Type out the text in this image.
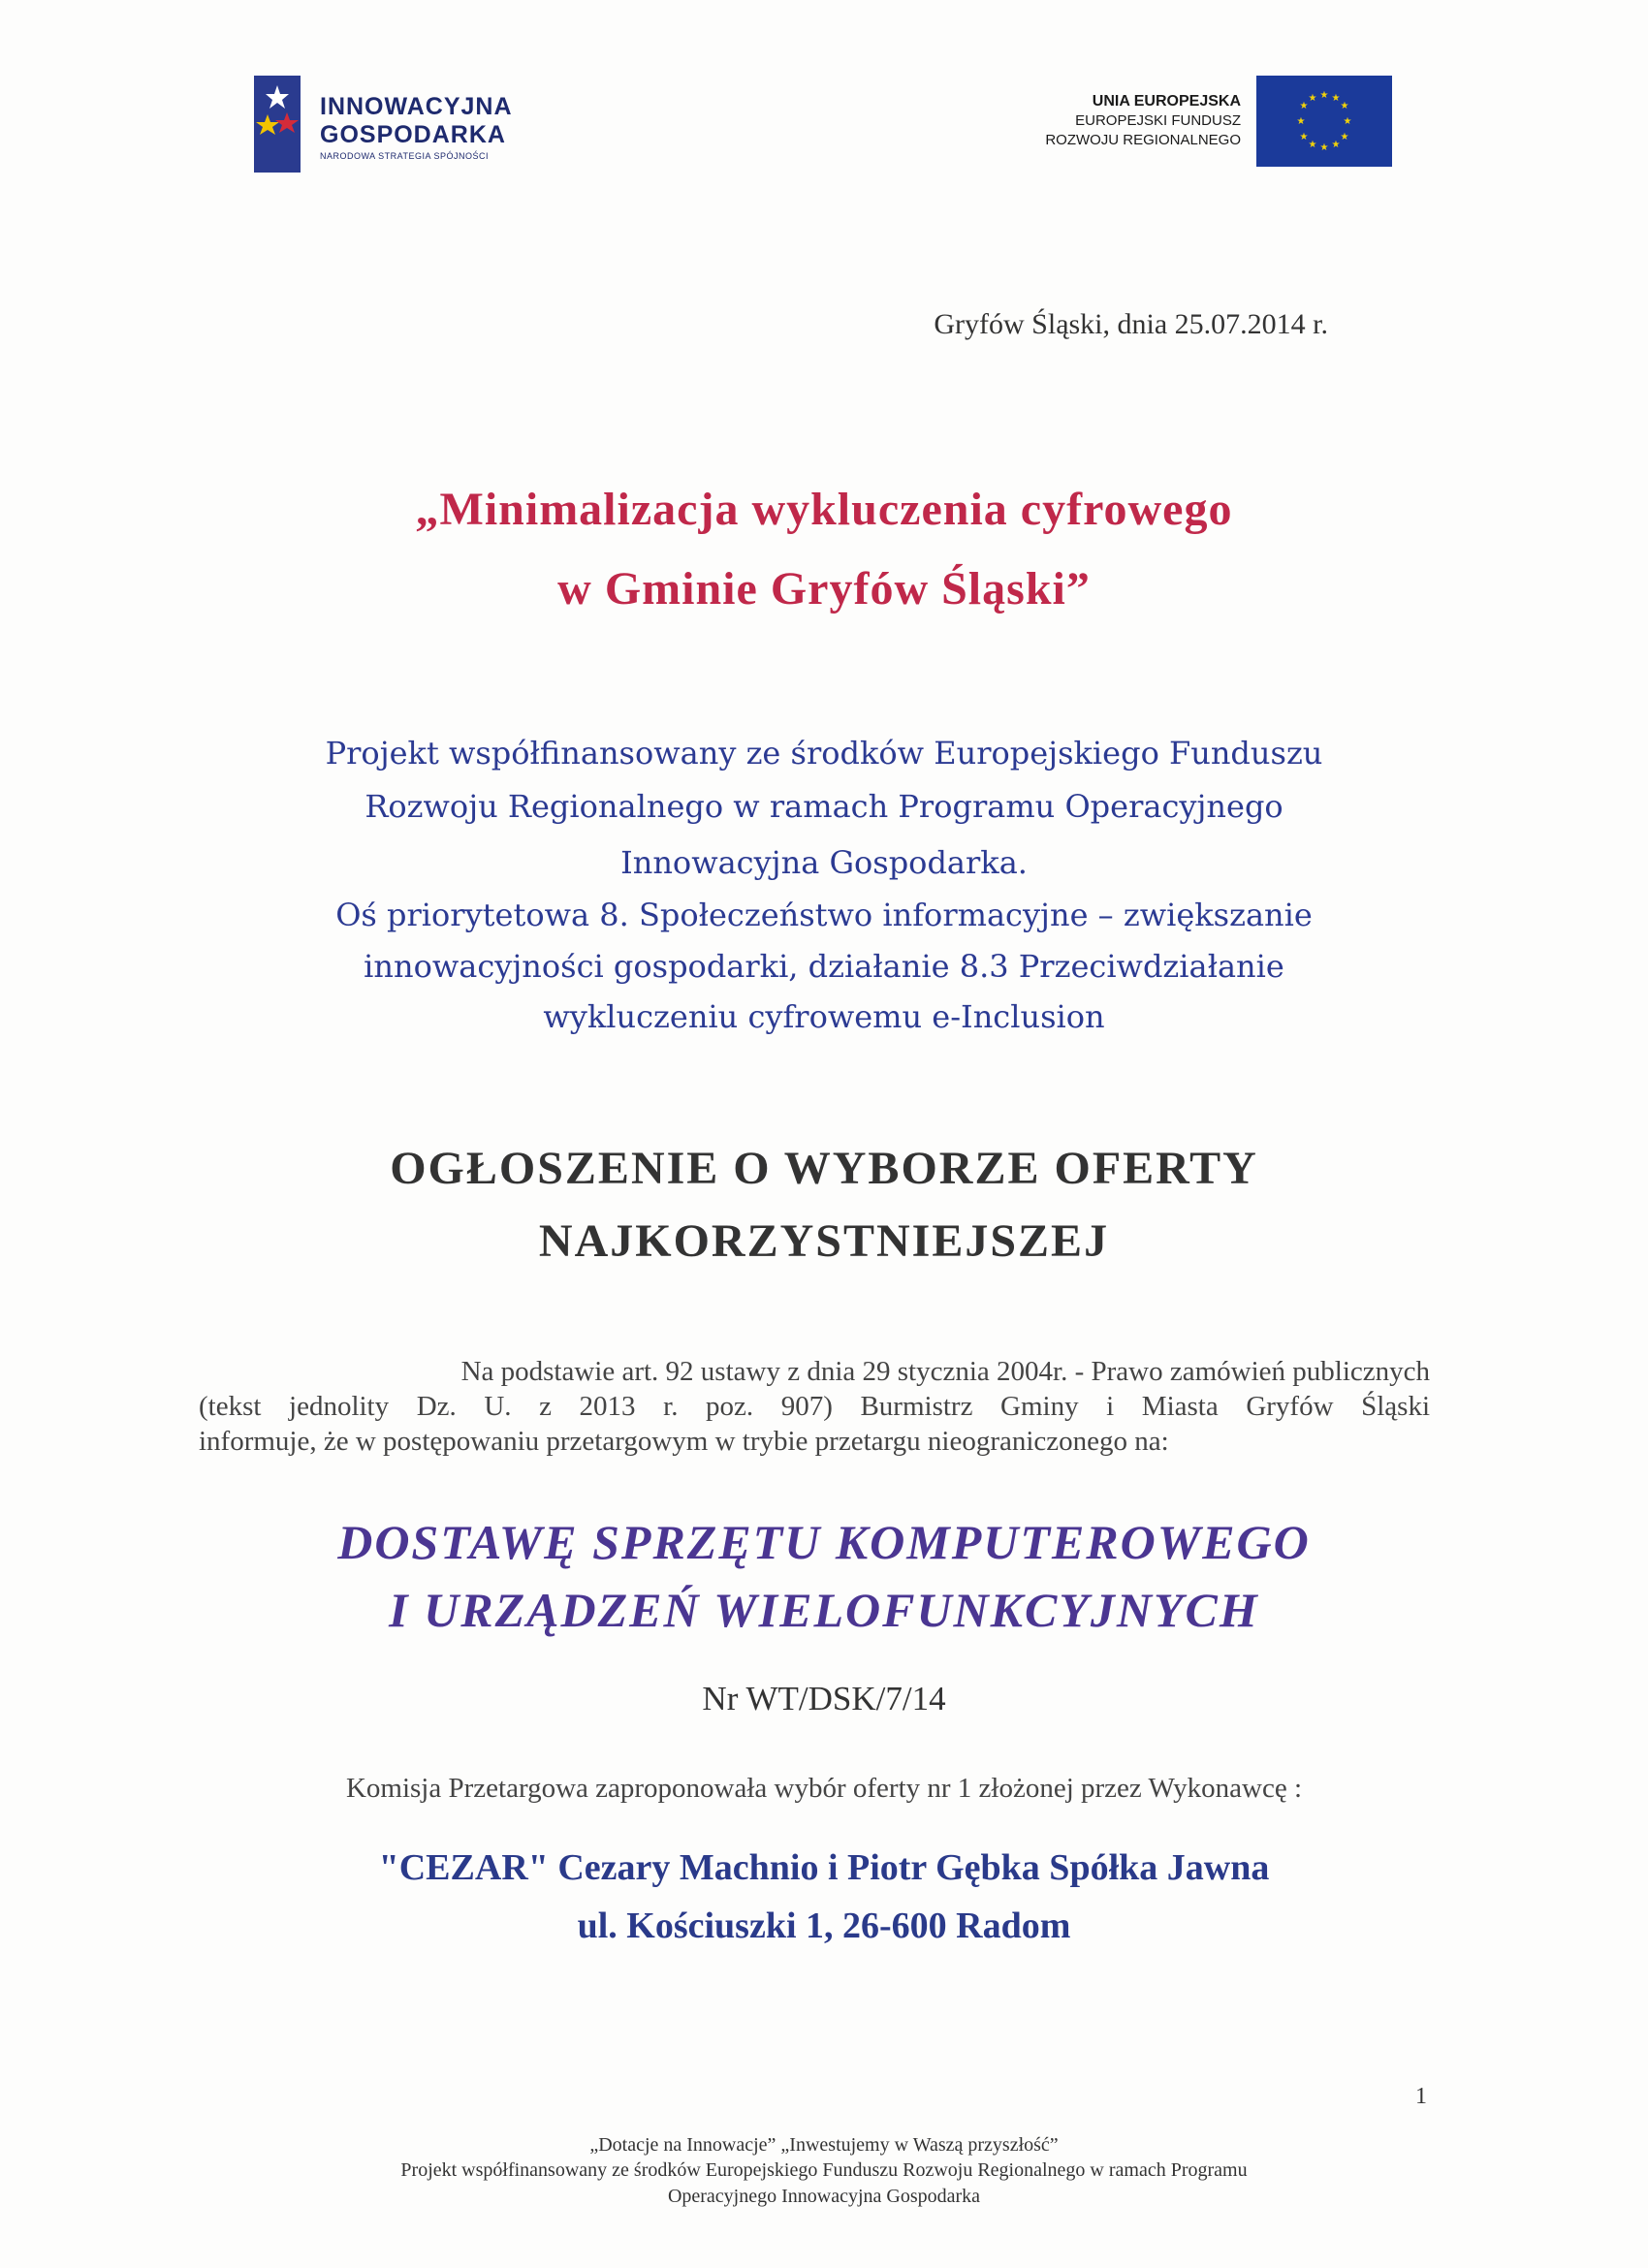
INNOWACYJNA
GOSPODARKA
NARODOWA STRATEGIA SPÓJNOŚCI
UNIA EUROPEJSKA
EUROPEJSKI FUNDUSZ
ROZWOJU REGIONALNEGO
★ ★
★
★
★
★
★
★
★
★
★
★
Gryfów Śląski, dnia 25.07.2014 r.
„Minimalizacja wykluczenia cyfrowego
w Gminie Gryfów Śląski”
Projekt współfinansowany ze środków Europejskiego Funduszu
Rozwoju Regionalnego w ramach Programu Operacyjnego
Innowacyjna Gospodarka.
Oś priorytetowa 8. Społeczeństwo informacyjne – zwiększanie
innowacyjności gospodarki, działanie 8.3 Przeciwdziałanie
wykluczeniu cyfrowemu e-Inclusion
OGŁOSZENIE O WYBORZE OFERTY
NAJKORZYSTNIEJSZEJ

Na podstawie art. 92 ustawy z dnia 29 stycznia 2004r. - Prawo zamówień publicznych

(tekst jednolity Dz. U. z 2013 r. poz. 907) Burmistrz Gminy i Miasta Gryfów Śląski

informuje, że w postępowaniu przetargowym w trybie przetargu nieograniczonego na:

DOSTAWĘ SPRZĘTU KOMPUTEROWEGO
I URZĄDZEŃ WIELOFUNKCYJNYCH
Nr WT/DSK/7/14
Komisja Przetargowa zaproponowała wybór oferty nr 1 złożonej przez Wykonawcę :
"CEZAR" Cezary Machnio i Piotr Gębka Spółka Jawna
ul. Kościuszki 1, 26-600 Radom
1
„Dotacje na Innowacje” „Inwestujemy w Waszą przyszłość”
Projekt współfinansowany ze środków Europejskiego Funduszu Rozwoju Regionalnego w ramach Programu
Operacyjnego Innowacyjna Gospodarka
